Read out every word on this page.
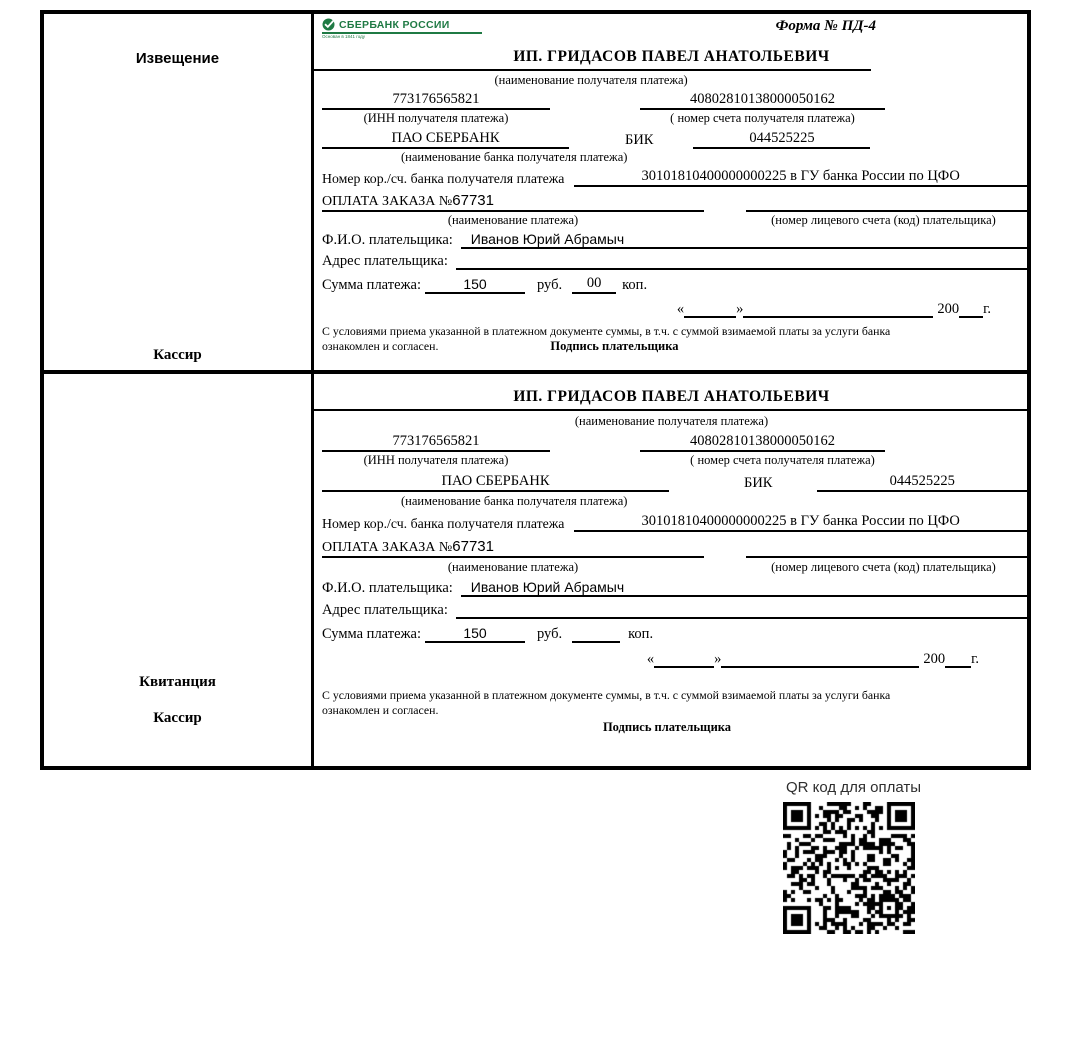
Извещение
Кассир
СБЕРБАНК РОССИИ
Основан в 1841 году
Форма № ПД-4
ИП. ГРИДАСОВ ПАВЕЛ АНАТОЛЬЕВИЧ
(наименование получателя платежа)
773176565821	40802810138000050162
(ИНН получателя платежа)	( номер счета получателя платежа)
ПАО СБЕРБАНК	БИК	044525225
(наименование банка получателя платежа)
Номер кор./сч. банка получателя платежа	30101810400000000225 в ГУ банка России по ЦФО
ОПЛАТА ЗАКАЗА №67731
(наименование платежа)	(номер лицевого счета (код) плательщика)
Ф.И.О. плательщика:	Иванов Юрий Абрамыч
Адрес плательщика:
Сумма платежа:	150	руб.	00	коп.
«	»	200 г.
С условиями приема указанной в платежном документе суммы, в т.ч. с суммой взимаемой платы за услуги банка
ознакомлен и согласен.	Подпись плательщика
Квитанция
Кассир
ИП. ГРИДАСОВ ПАВЕЛ АНАТОЛЬЕВИЧ
(наименование получателя платежа)
773176565821	40802810138000050162
(ИНН получателя платежа)	( номер счета получателя платежа)
ПАО СБЕРБАНК	БИК	044525225
(наименование банка получателя платежа)
Номер кор./сч. банка получателя платежа	30101810400000000225 в ГУ банка России по ЦФО
ОПЛАТА ЗАКАЗА №67731
(наименование платежа)	(номер лицевого счета (код) плательщика)
Ф.И.О. плательщика:	Иванов Юрий Абрамыч
Адрес плательщика:
Сумма платежа:	150	руб.	коп.
«	»	200 г.
С условиями приема указанной в платежном документе суммы, в т.ч. с суммой взимаемой платы за услуги банка
ознакомлен и согласен.
Подпись плательщика
QR код для оплаты
